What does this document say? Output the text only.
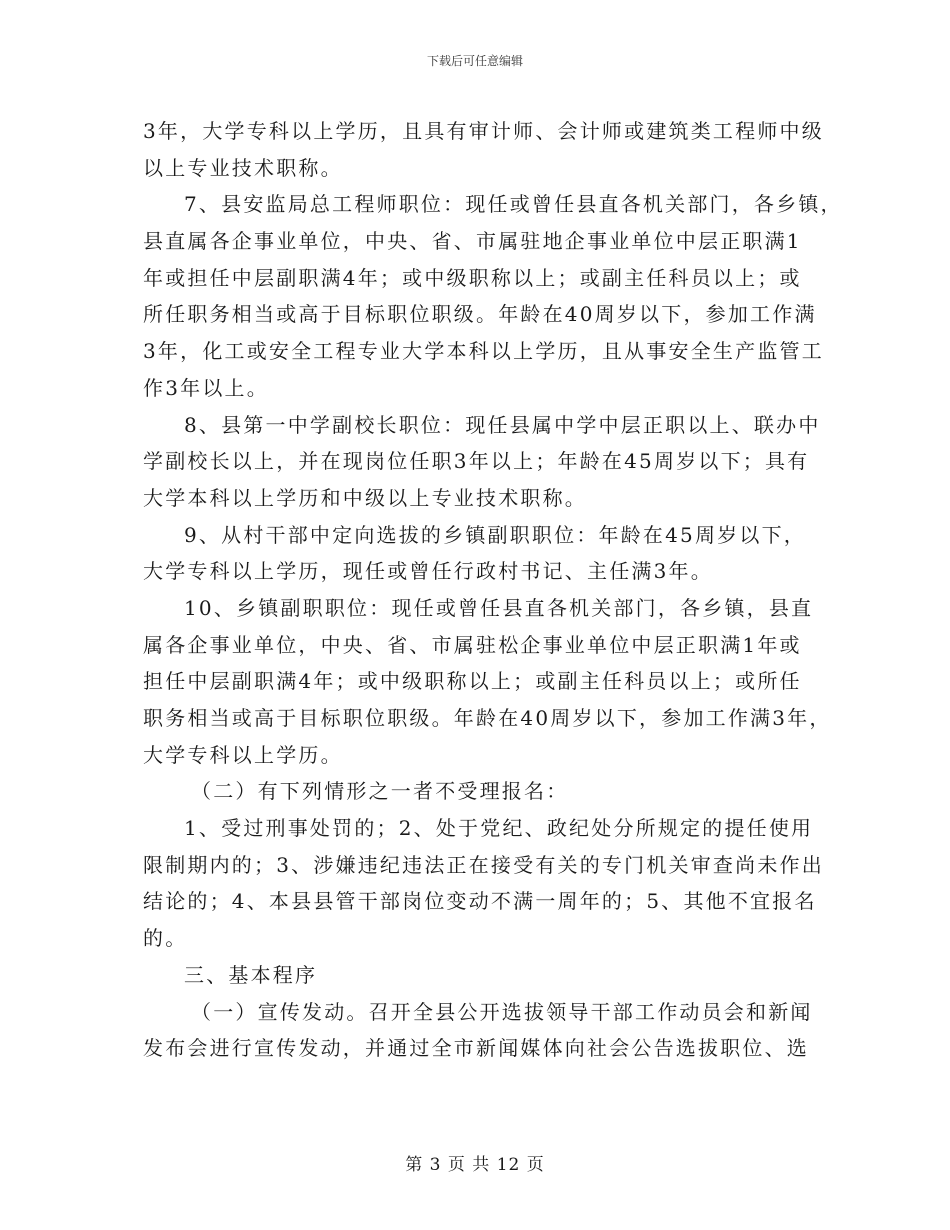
下载后可任意编辑
3年，大学专科以上学历，且具有审计师、会计师或建筑类工程师中级
以上专业技术职称。
7、县安监局总工程师职位：现任或曾任县直各机关部门，各乡镇，
县直属各企事业单位，中央、省、市属驻地企事业单位中层正职满1
年或担任中层副职满4年；或中级职称以上；或副主任科员以上；或
所任职务相当或高于目标职位职级。年龄在40周岁以下，参加工作满
3年，化工或安全工程专业大学本科以上学历，且从事安全生产监管工
作3年以上。
8、县第一中学副校长职位：现任县属中学中层正职以上、联办中
学副校长以上，并在现岗位任职3年以上；年龄在45周岁以下；具有
大学本科以上学历和中级以上专业技术职称。
9、从村干部中定向选拔的乡镇副职职位：年龄在45周岁以下，
大学专科以上学历，现任或曾任行政村书记、主任满3年。
10、乡镇副职职位：现任或曾任县直各机关部门，各乡镇，县直
属各企事业单位，中央、省、市属驻松企事业单位中层正职满1年或
担任中层副职满4年；或中级职称以上；或副主任科员以上；或所任
职务相当或高于目标职位职级。年龄在40周岁以下，参加工作满3年，
大学专科以上学历。
（二）有下列情形之一者不受理报名：
1、受过刑事处罚的；2、处于党纪、政纪处分所规定的提任使用
限制期内的；3、涉嫌违纪违法正在接受有关的专门机关审查尚未作出
结论的；4、本县县管干部岗位变动不满一周年的；5、其他不宜报名
的。
三、基本程序
（一）宣传发动。召开全县公开选拔领导干部工作动员会和新闻
发布会进行宣传发动，并通过全市新闻媒体向社会公告选拔职位、选
第 3 页 共 12 页
